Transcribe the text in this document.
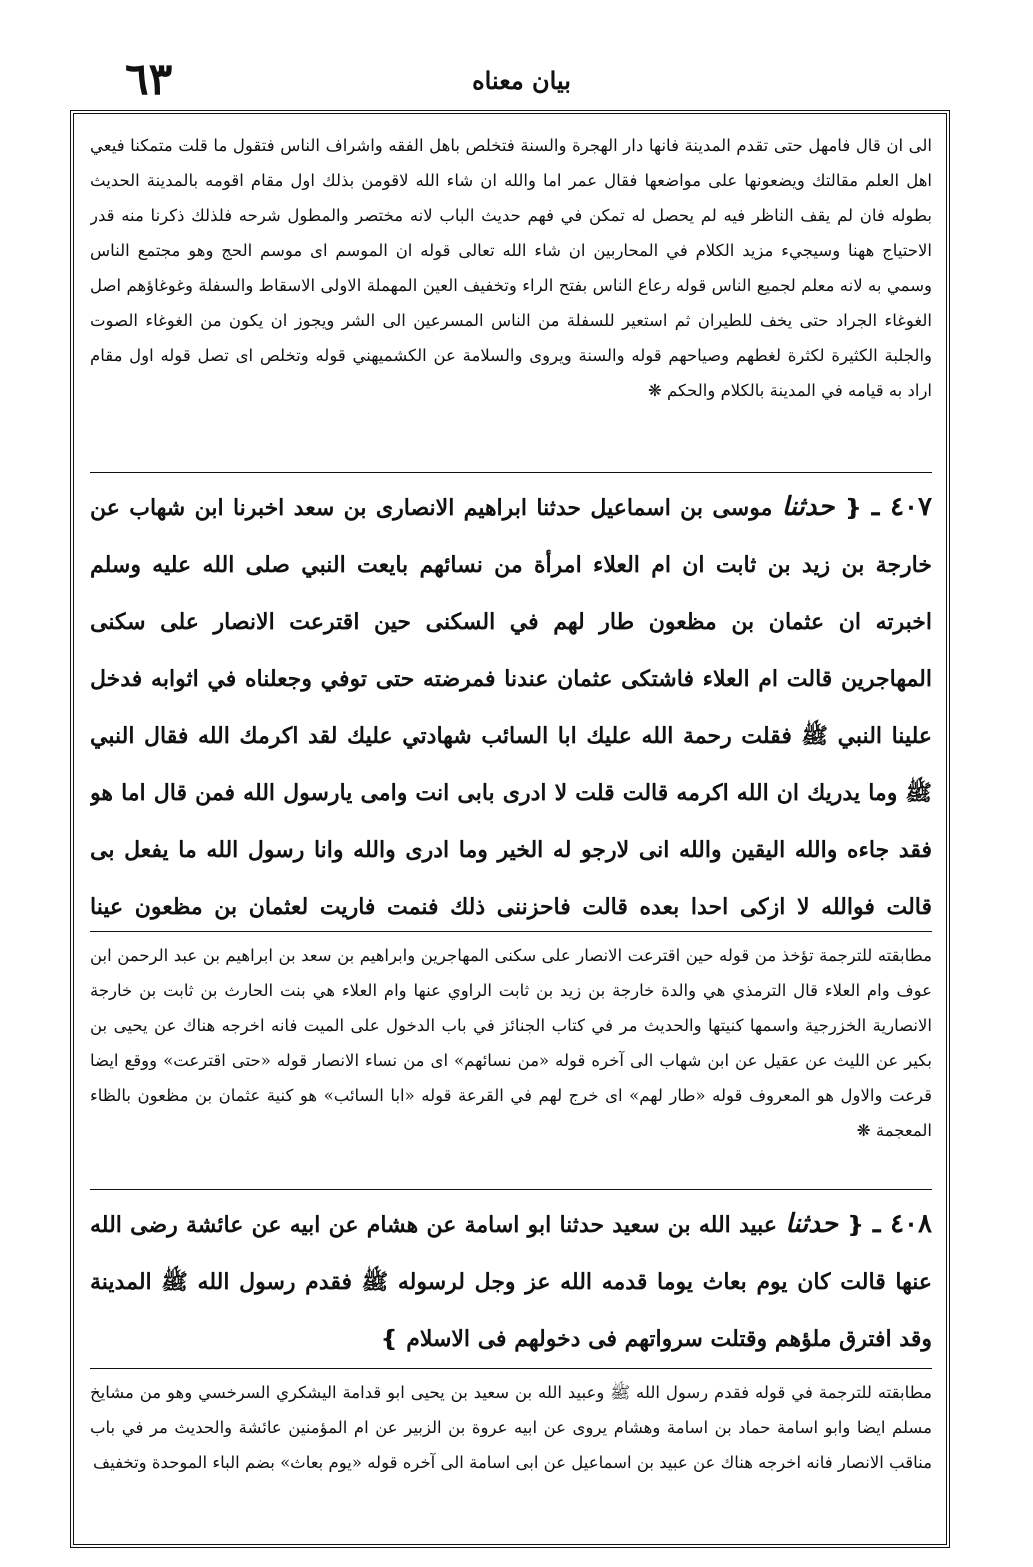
٦٣	بیان معناه

الى ان قال فامهل حتى تقدم المدينة فانها دار الهجرة والسنة فتخلص باهل الفقه واشراف الناس فتقول ما قلت متمكنا فيعي اهل العلم مقالتك ويضعونها على مواضعها فقال عمر اما والله ان شاء الله لاقومن بذلك اول مقام اقومه بالمدينة الحديث بطوله فان لم يقف الناظر فيه لم يحصل له تمكن في فهم حديث الباب لانه مختصر والمطول شرحه فلذلك ذكرنا منه قدر الاحتياج ههنا وسيجيء مزيد الكلام في المحاربين ان شاء الله تعالى قوله ان الموسم اى موسم الحج وهو مجتمع الناس وسمي به لانه معلم لجميع الناس قوله رعاع الناس بفتح الراء وتخفيف العين المهملة الاولى الاسقاط والسفلة وغوغاؤهم اصل الغوغاء الجراد حتى يخف للطيران ثم استعير للسفلة من الناس المسرعين الى الشر ويجوز ان يكون من الغوغاء الصوت والجلبة الكثيرة لكثرة لغطهم وصياحهم قوله والسنة ويروى والسلامة عن الكشميهني قوله وتخلص اى تصل قوله اول مقام اراد به قيامه في المدينة بالكلام والحكم ❋

٤٠٧ ـ ❴ حدثنا موسى بن اسماعيل حدثنا ابراهيم الانصارى بن سعد اخبرنا ابن شهاب عن خارجة بن زيد بن ثابت ان ام العلاء امرأة من نسائهم بايعت النبي صلى الله عليه وسلم اخبرته ان عثمان بن مظعون طار لهم في السكنى حين اقترعت الانصار على سكنى المهاجرين قالت ام العلاء فاشتكى عثمان عندنا فمرضته حتى توفي وجعلناه في اثوابه فدخل علينا النبي ﷺ فقلت رحمة الله عليك ابا السائب شهادتي عليك لقد اكرمك الله فقال النبي ﷺ وما يدريك ان الله اكرمه قالت قلت لا ادرى بابى انت وامى يارسول الله فمن قال اما هو فقد جاءه والله اليقين والله انى لارجو له الخير وما ادرى والله وانا رسول الله ما يفعل بى قالت فوالله لا ازكى احدا بعده قالت فاحزننى ذلك فنمت فاريت لعثمان بن مظعون عينا

مطابقته للترجمة تؤخذ من قوله حين اقترعت الانصار على سكنى المهاجرين وابراهيم بن سعد بن ابراهيم بن عبد الرحمن ابن عوف وام العلاء قال الترمذي هي والدة خارجة بن زيد بن ثابت الراوي عنها وام العلاء هي بنت الحارث بن ثابت بن خارجة الانصارية الخزرجية واسمها كنيتها والحديث مر في كتاب الجنائز في باب الدخول على الميت فانه اخرجه هناك عن يحيى بن بكير عن الليث عن عقيل عن ابن شهاب الى آخره قوله «من نسائهم» اى من نساء الانصار قوله «حتى اقترعت» ووقع ايضا قرعت والاول هو المعروف قوله «طار لهم» اى خرج لهم في القرعة قوله «ابا السائب» هو كنية عثمان بن مظعون بالظاء المعجمة ❋

٤٠٨ ـ ❴ حدثنا عبيد الله بن سعيد حدثنا ابو اسامة عن هشام عن ابيه عن عائشة رضى الله عنها قالت كان يوم بعاث يوما قدمه الله عز وجل لرسوله ﷺ فقدم رسول الله ﷺ المدينة وقد افترق ملؤهم وقتلت سرواتهم فى دخولهم فى الاسلام ❵

مطابقته للترجمة في قوله فقدم رسول الله ﷺ وعبيد الله بن سعيد بن يحيى ابو قدامة اليشكري السرخسي وهو من مشايخ مسلم ايضا وابو اسامة حماد بن اسامة وهشام يروى عن ابيه عروة بن الزبير عن ام المؤمنين عائشة والحديث مر في باب مناقب الانصار فانه اخرجه هناك عن عبيد بن اسماعيل عن ابى اسامة الى آخره قوله «يوم بعاث» بضم الباء الموحدة وتخفيف
